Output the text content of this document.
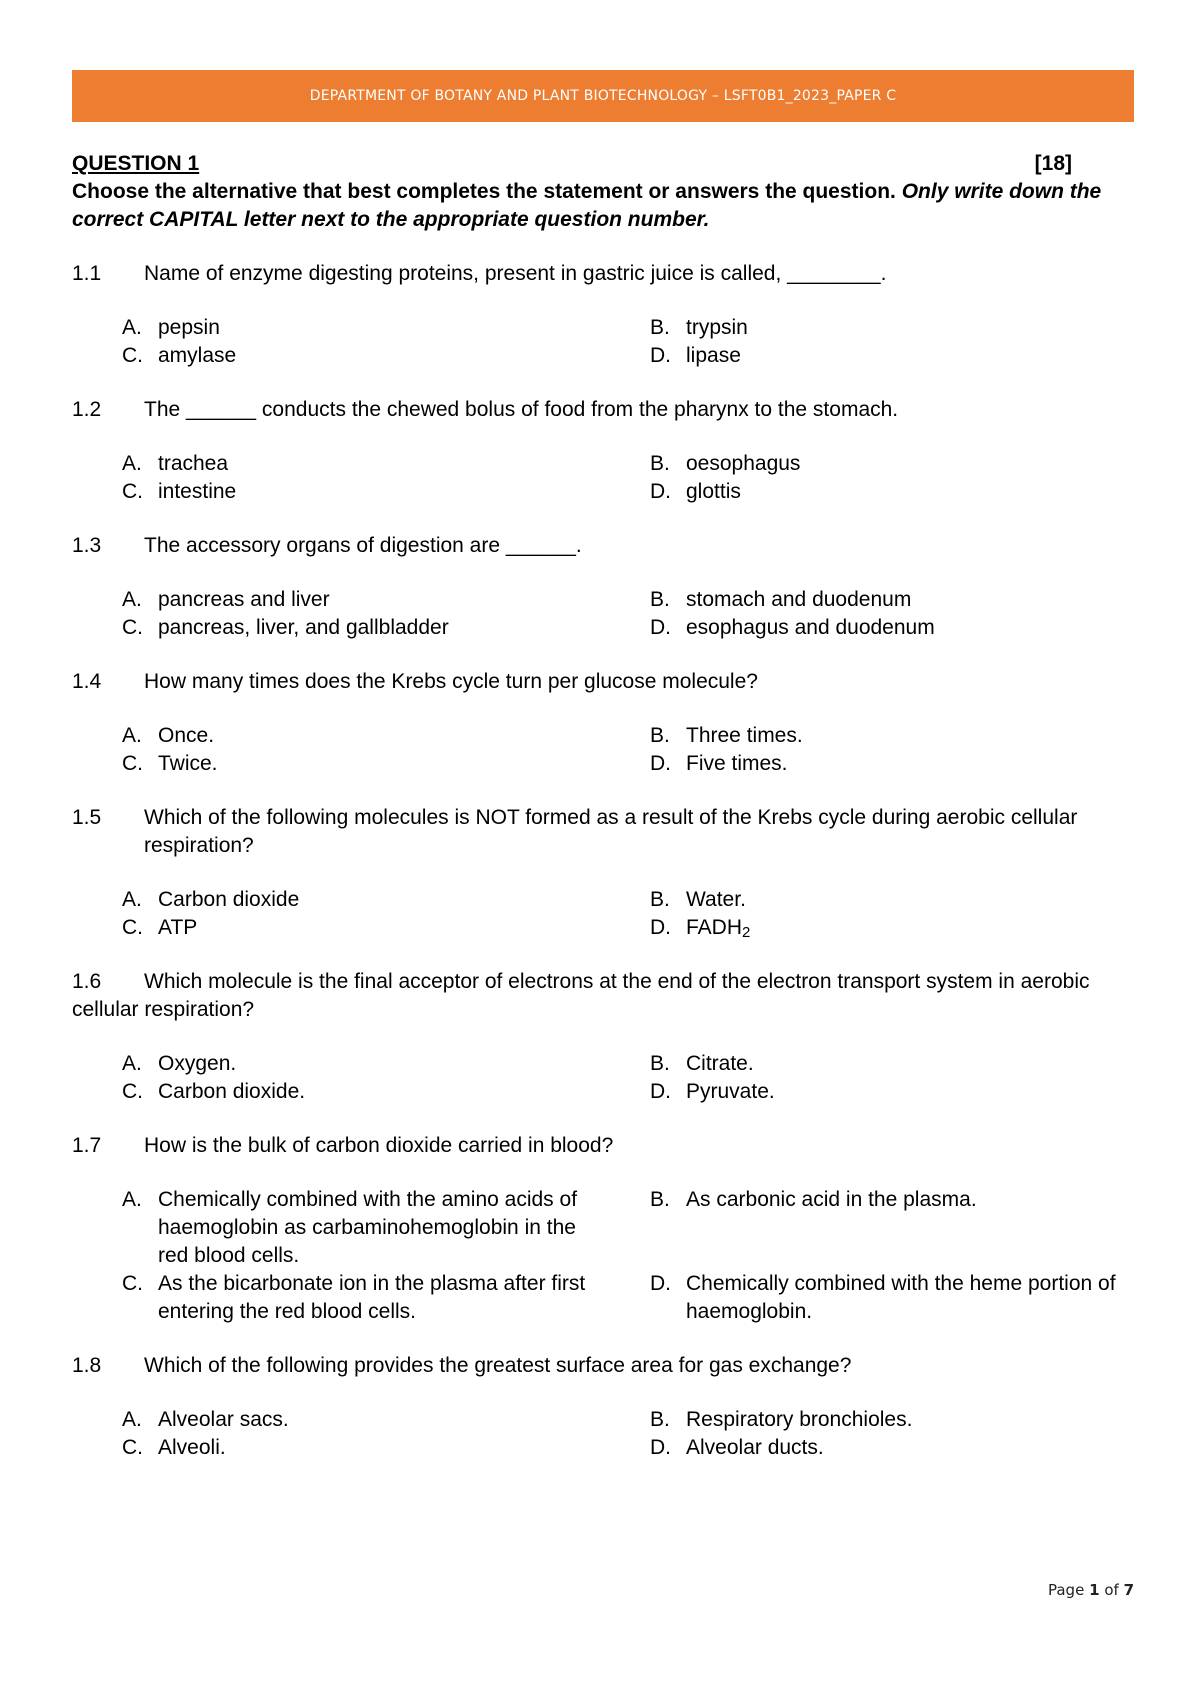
DEPARTMENT OF BOTANY AND PLANT BIOTECHNOLOGY – LSFT0B1_2023_PAPER C
QUESTION 1	[18]
Choose the alternative that best completes the statement or answers the question. Only write down the correct CAPITAL letter next to the appropriate question number.
1.1	Name of enzyme digesting proteins, present in gastric juice is called, ________.
A. pepsin	B. trypsin
C. amylase	D. lipase
1.2	The ______ conducts the chewed bolus of food from the pharynx to the stomach.
A. trachea	B. oesophagus
C. intestine	D. glottis
1.3	The accessory organs of digestion are ______.
A. pancreas and liver	B. stomach and duodenum
C. pancreas, liver, and gallbladder	D. esophagus and duodenum
1.4	How many times does the Krebs cycle turn per glucose molecule?
A. Once.	B. Three times.
C. Twice.	D. Five times.
1.5	Which of the following molecules is NOT formed as a result of the Krebs cycle during aerobic cellular respiration?
A. Carbon dioxide	B. Water.
C. ATP	D. $FADH_2$
1.6 Which molecule is the final acceptor of electrons at the end of the electron transport system in aerobic cellular respiration?
A. Oxygen.	B. Citrate.
C. Carbon dioxide.	D. Pyruvate.
1.7	How is the bulk of carbon dioxide carried in blood?
A. Chemically combined with the amino acids of haemoglobin as carbaminohemoglobin in the red blood cells.
B. As carbonic acid in the plasma.
C. As the bicarbonate ion in the plasma after first entering the red blood cells.
D. Chemically combined with the heme portion of haemoglobin.
1.8	Which of the following provides the greatest surface area for gas exchange?
A. Alveolar sacs.	B. Respiratory bronchioles.
C. Alveoli.	D. Alveolar ducts.
Page 1 of 7
